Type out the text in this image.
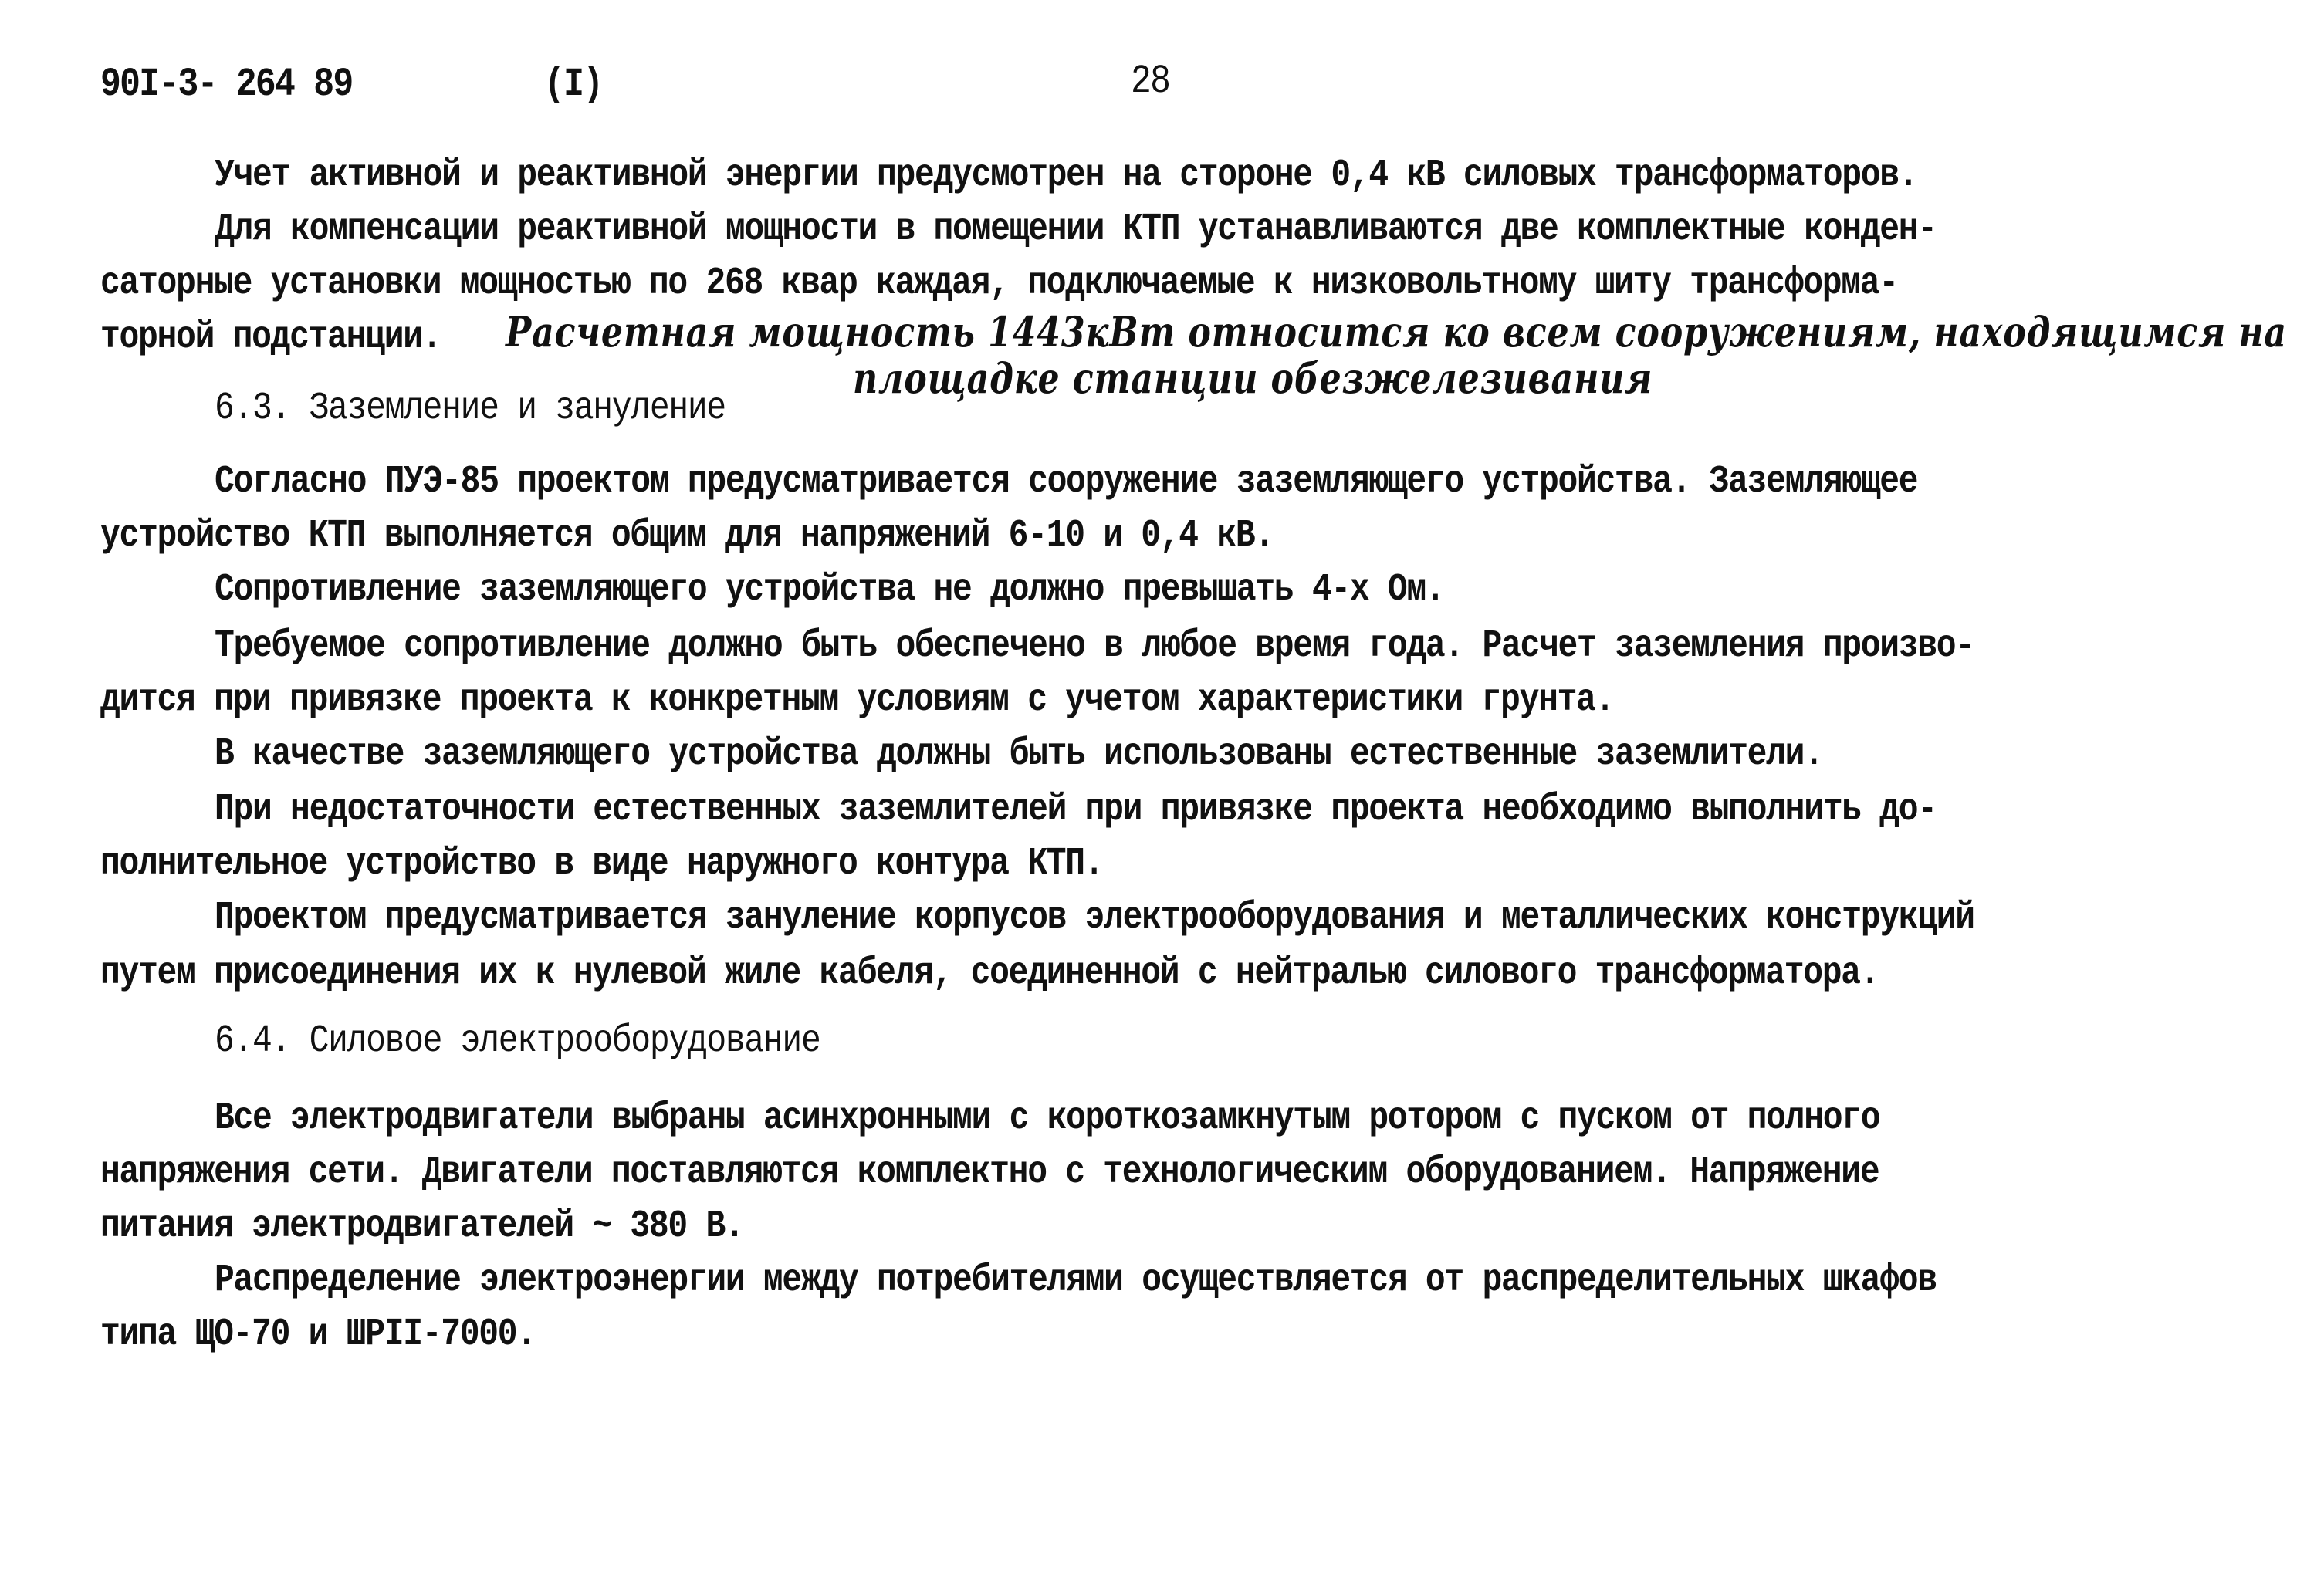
90I-3- 264 89	(I)	28
Учет активной и реактивной энергии предусмотрен на стороне 0,4 кВ силовых трансформаторов.
Для компенсации реактивной мощности в помещении КТП устанавливаются две комплектные конден-
саторные установки мощностью по 268 квар каждая, подключаемые к низковольтному шиту трансформа-
торной подстанции. Расчетная мощность 1443кВт относится ко всем сооружениям, находящимся на
площадке станции обезжелезивания
6.3. Заземление и зануление
Согласно ПУЭ-85 проектом предусматривается сооружение заземляющего устройства. Заземляющее
устройство КТП выполняется общим для напряжений 6-10 и 0,4 кВ.
Сопротивление заземляющего устройства не должно превышать 4-х Ом.
Требуемое сопротивление должно быть обеспечено в любое время года. Расчет заземления произво-
дится при привязке проекта к конкретным условиям с учетом характеристики грунта.
В качестве заземляющего устройства должны быть использованы естественные заземлители.
При недостаточности естественных заземлителей при привязке проекта необходимо выполнить до-
полнительное устройство в виде наружного контура КТП.
Проектом предусматривается зануление корпусов электрооборудования и металлических конструкций
путем присоединения их к нулевой жиле кабеля, соединенной с нейтралью силового трансформатора.
6.4. Силовое электрооборудование
Все электродвигатели выбраны асинхронными с короткозамкнутым ротором с пуском от полного
напряжения сети. Двигатели поставляются комплектно с технологическим оборудованием. Напряжение
питания электродвигателей ~ 380 В.
Распределение электроэнергии между потребителями осуществляется от распределительных шкафов
типа ЩО-70 и ШРII-7000.
